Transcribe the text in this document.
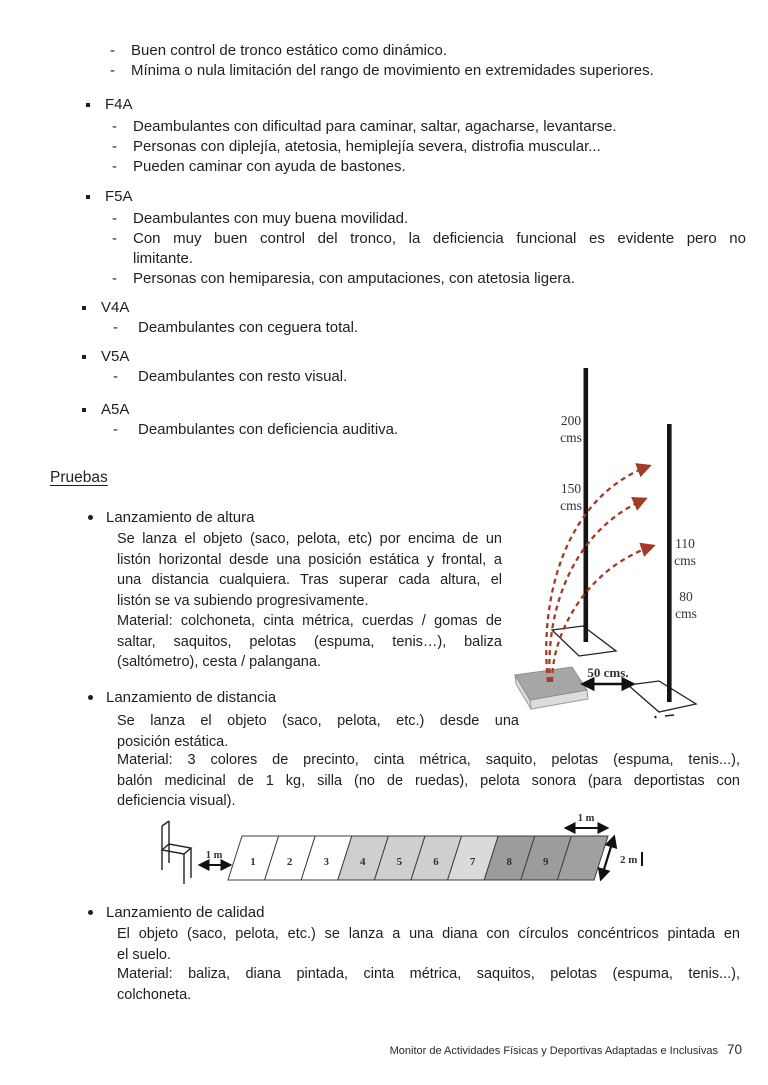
-	Buen control de tronco estático como dinámico.
-	Mínima o nula limitación del rango de movimiento en extremidades superiores.
F4A
-	Deambulantes con dificultad para caminar, saltar, agacharse, levantarse.
-	Personas con diplejía, atetosia, hemiplejía severa, distrofia muscular...
-	Pueden caminar con ayuda de bastones.
F5A
-	Deambulantes con muy buena movilidad.
-	Con muy buen control del tronco, la deficiencia funcional es evidente pero no
limitante.
-	Personas con hemiparesia, con amputaciones, con atetosia ligera.
V4A
-	Deambulantes con ceguera total.
V5A
-	Deambulantes con resto visual.
A5A
-	Deambulantes con deficiencia auditiva.
Pruebas
Lanzamiento de altura
Se lanza el objeto (saco, pelota, etc) por encima de un
listón horizontal desde una posición estática y frontal, a
una distancia cualquiera. Tras superar cada altura, el
listón se va subiendo progresivamente.
Material: colchoneta, cinta métrica, cuerdas / gomas de
saltar, saquitos, pelotas (espuma, tenis…), baliza
(saltómetro), cesta / palangana.
50 cms.
200
cms
150
cms
110
cms
80
cms
Lanzamiento de distancia
Se lanza el objeto (saco, pelota, etc.) desde una
posición estática.
Material: 3 colores de precinto, cinta métrica, saquito, pelotas (espuma, tenis...),
balón medicinal de 1 kg, silla (no de ruedas), pelota sonora (para deportistas con
deficiencia visual).
1 m
1	2	3	4	5	6	7	8	9
1 m
2 m
Lanzamiento de calidad
El objeto (saco, pelota, etc.) se lanza a una diana con círculos concéntricos pintada en
el suelo.
Material: baliza, diana pintada, cinta métrica, saquitos, pelotas (espuma, tenis...),
colchoneta.
Monitor de Actividades Físicas y Deportivas Adaptadas e Inclusivas 70
